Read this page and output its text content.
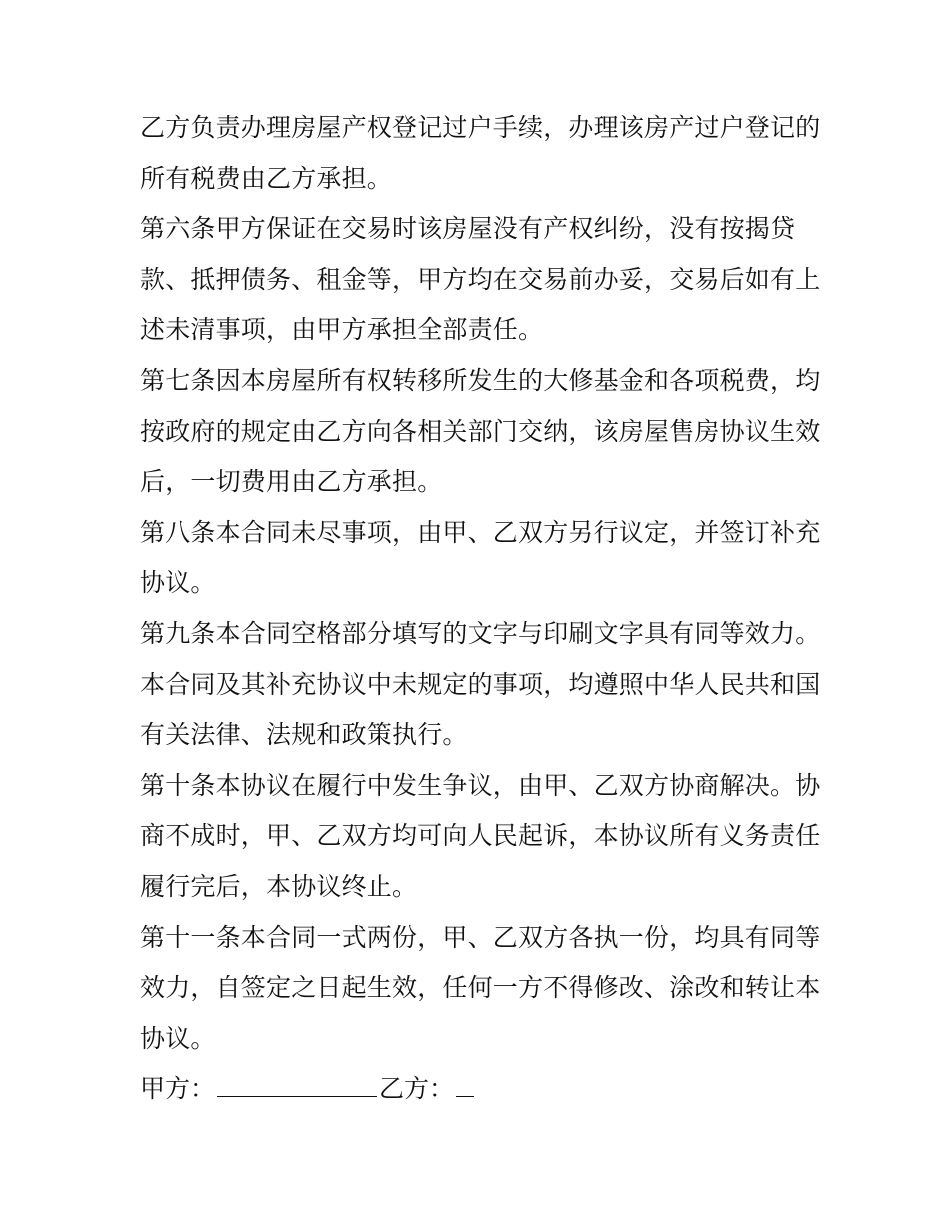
乙方负责办理房屋产权登记过户手续，办理该房产过户登记的
所有税费由乙方承担。
第六条甲方保证在交易时该房屋没有产权纠纷，没有按揭贷
款、抵押债务、租金等，甲方均在交易前办妥，交易后如有上
述未清事项，由甲方承担全部责任。
第七条因本房屋所有权转移所发生的大修基金和各项税费，均
按政府的规定由乙方向各相关部门交纳，该房屋售房协议生效
后，一切费用由乙方承担。
第八条本合同未尽事项，由甲、乙双方另行议定，并签订补充
协议。
第九条本合同空格部分填写的文字与印刷文字具有同等效力。
本合同及其补充协议中未规定的事项，均遵照中华人民共和国
有关法律、法规和政策执行。
第十条本协议在履行中发生争议，由甲、乙双方协商解决。协
商不成时，甲、乙双方均可向人民起诉，本协议所有义务责任
履行完后，本协议终止。
第十一条本合同一式两份，甲、乙双方各执一份，均具有同等
效力，自签定之日起生效，任何一方不得修改、涂改和转让本
协议。
甲方：	乙方：
